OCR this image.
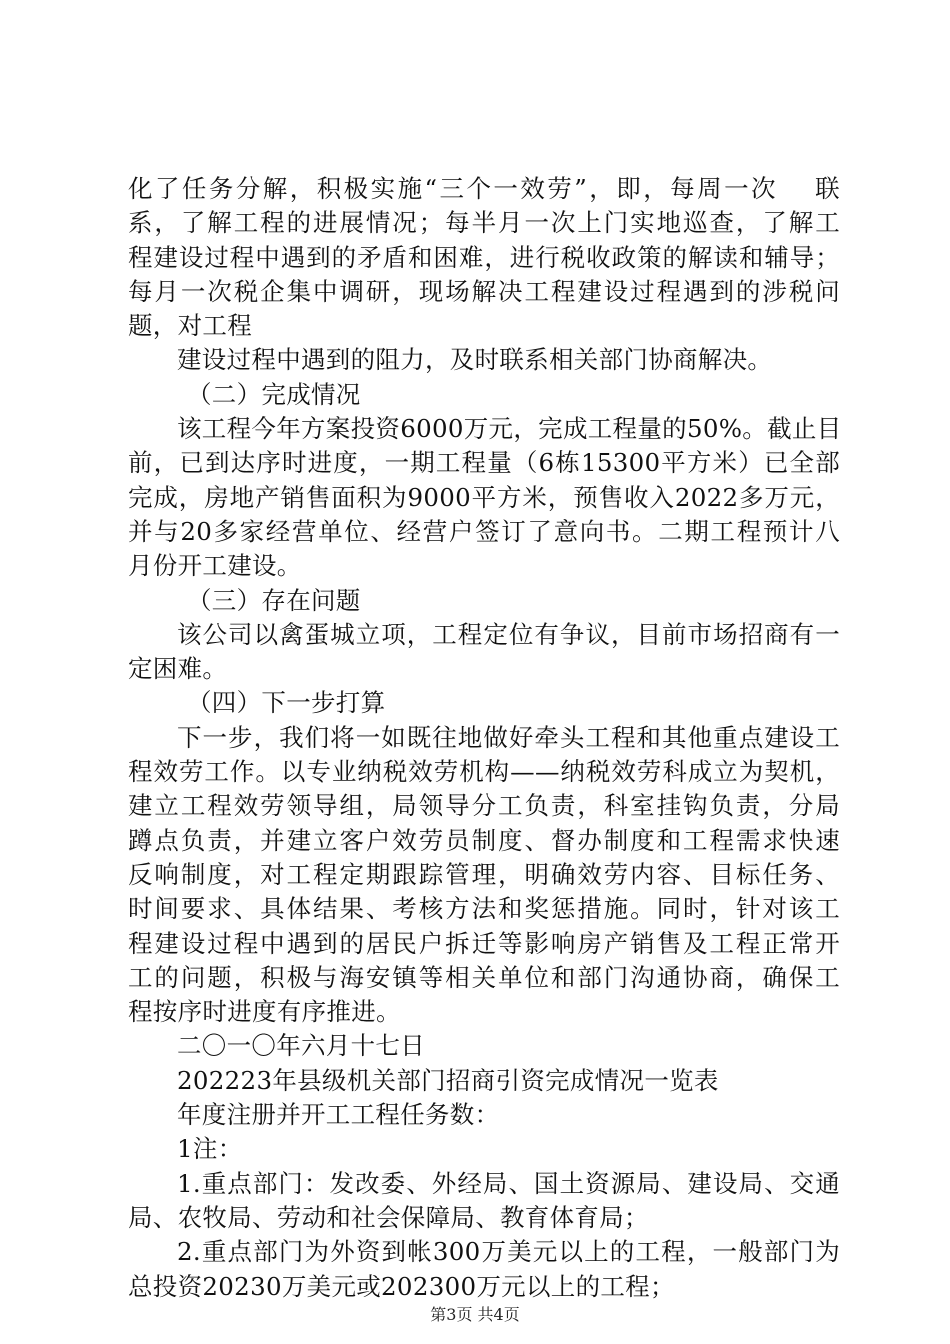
化了任务分解，积极实施“三个一效劳”，即，每周一次　 联
系，了解工程的进展情况；每半月一次上门实地巡查，了解工
程建设过程中遇到的矛盾和困难，进行税收政策的解读和辅导；
每月一次税企集中调研，现场解决工程建设过程遇到的涉税问
题，对工程
建设过程中遇到的阻力，及时联系相关部门协商解决。
（二）完成情况
该工程今年方案投资6000万元，完成工程量的50%。截止目
前，已到达序时进度，一期工程量（6栋15300平方米）已全部
完成，房地产销售面积为9000平方米，预售收入2022多万元，
并与20多家经营单位、经营户签订了意向书。二期工程预计八
月份开工建设。
（三）存在问题
该公司以禽蛋城立项，工程定位有争议，目前市场招商有一
定困难。
（四）下一步打算
下一步，我们将一如既往地做好牵头工程和其他重点建设工
程效劳工作。以专业纳税效劳机构——纳税效劳科成立为契机，
建立工程效劳领导组，局领导分工负责，科室挂钩负责，分局
蹲点负责，并建立客户效劳员制度、督办制度和工程需求快速
反响制度，对工程定期跟踪管理，明确效劳内容、目标任务、
时间要求、具体结果、考核方法和奖惩措施。同时，针对该工
程建设过程中遇到的居民户拆迁等影响房产销售及工程正常开
工的问题，积极与海安镇等相关单位和部门沟通协商，确保工
程按序时进度有序推进。
二〇一〇年六月十七日
202223年县级机关部门招商引资完成情况一览表
年度注册并开工工程任务数：
1注：
1.重点部门：发改委、外经局、国土资源局、建设局、交通
局、农牧局、劳动和社会保障局、教育体育局；
2.重点部门为外资到帐300万美元以上的工程，一般部门为
总投资20230万美元或202300万元以上的工程；
第3页 共4页
